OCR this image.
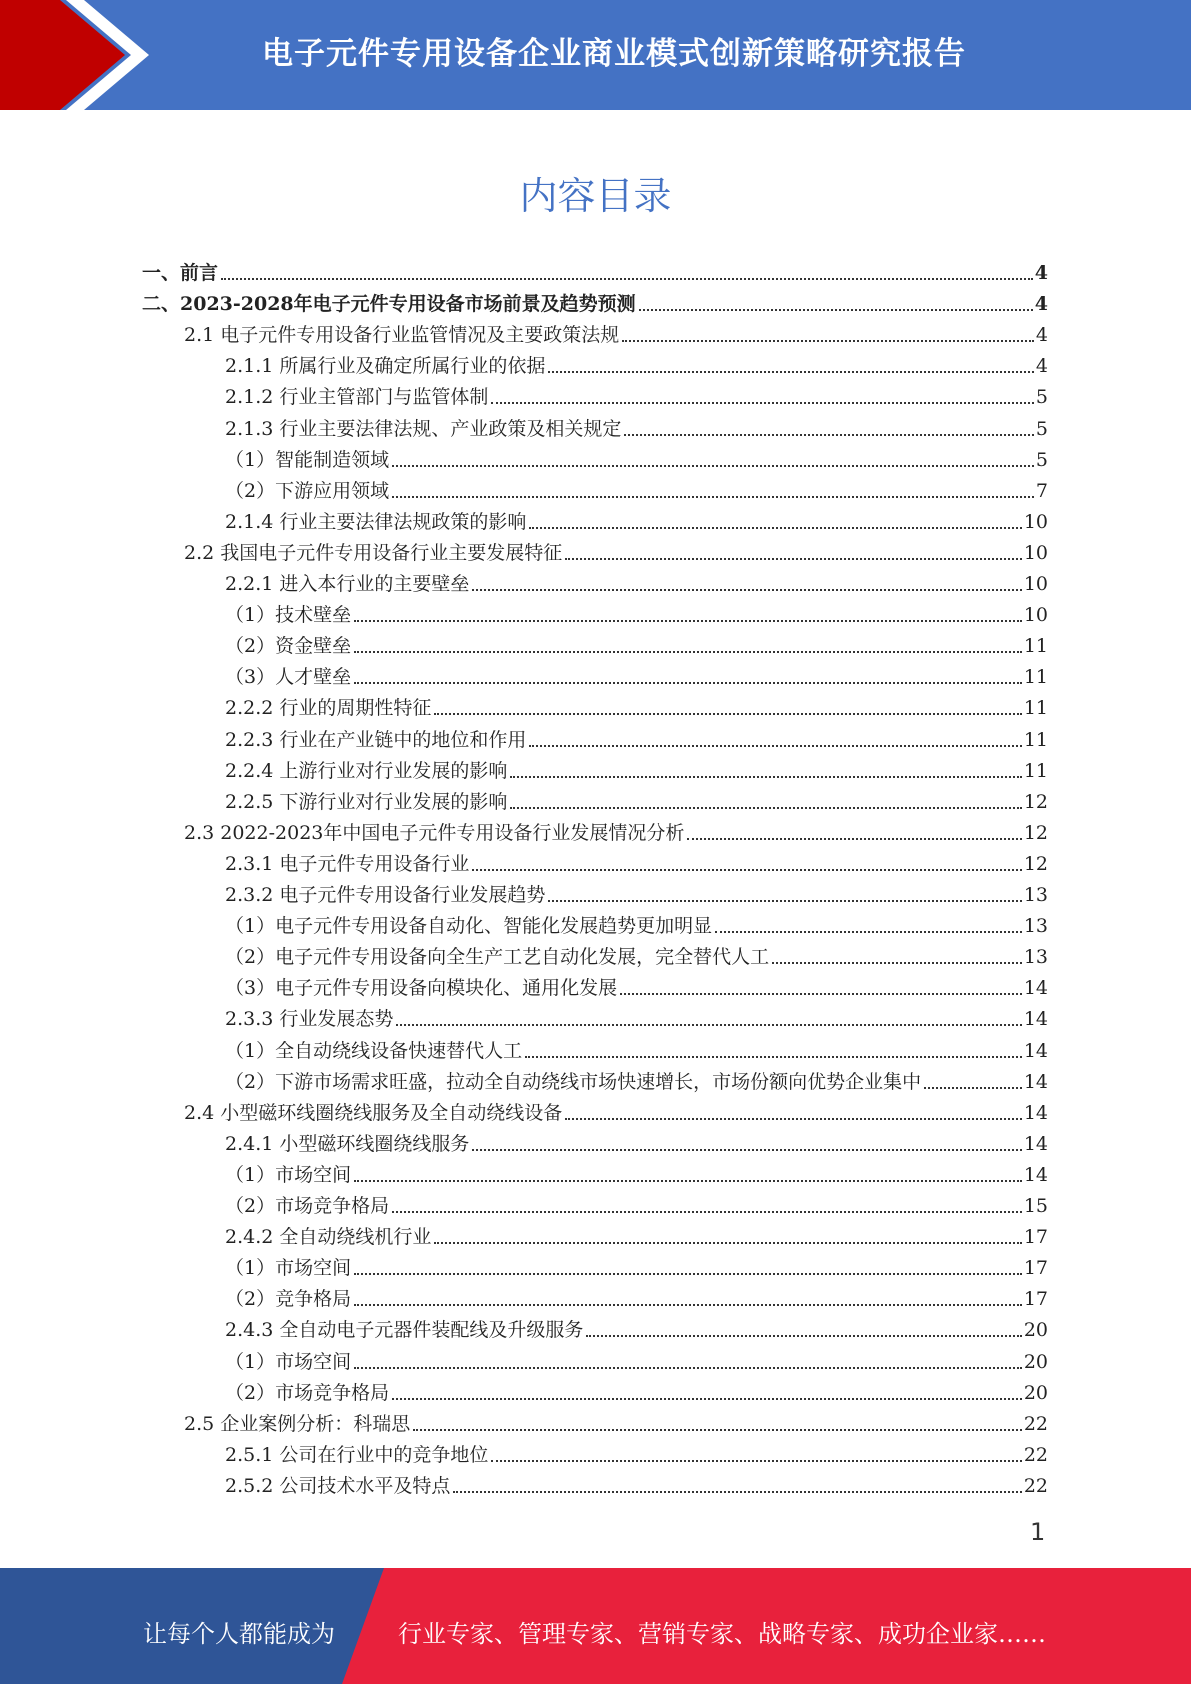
电子元件专用设备企业商业模式创新策略研究报告
内容目录
一、前言	4
二、2023-2028年电子元件专用设备市场前景及趋势预测	4
2.1 电子元件专用设备行业监管情况及主要政策法规	4
2.1.1 所属行业及确定所属行业的依据	4
2.1.2 行业主管部门与监管体制	5
2.1.3 行业主要法律法规、产业政策及相关规定	5
（1）智能制造领域	5
（2）下游应用领域	7
2.1.4 行业主要法律法规政策的影响	10
2.2 我国电子元件专用设备行业主要发展特征	10
2.2.1 进入本行业的主要壁垒	10
（1）技术壁垒	10
（2）资金壁垒	11
（3）人才壁垒	11
2.2.2 行业的周期性特征	11
2.2.3 行业在产业链中的地位和作用	11
2.2.4 上游行业对行业发展的影响	11
2.2.5 下游行业对行业发展的影响	12
2.3 2022-2023年中国电子元件专用设备行业发展情况分析	12
2.3.1 电子元件专用设备行业	12
2.3.2 电子元件专用设备行业发展趋势	13
（1）电子元件专用设备自动化、智能化发展趋势更加明显	13
（2）电子元件专用设备向全生产工艺自动化发展，完全替代人工	13
（3）电子元件专用设备向模块化、通用化发展	14
2.3.3 行业发展态势	14
（1）全自动绕线设备快速替代人工	14
（2）下游市场需求旺盛，拉动全自动绕线市场快速增长，市场份额向优势企业集中	14
2.4 小型磁环线圈绕线服务及全自动绕线设备	14
2.4.1 小型磁环线圈绕线服务	14
（1）市场空间	14
（2）市场竞争格局	15
2.4.2 全自动绕线机行业	17
（1）市场空间	17
（2）竞争格局	17
2.4.3 全自动电子元器件装配线及升级服务	20
（1）市场空间	20
（2）市场竞争格局	20
2.5 企业案例分析：科瑞思	22
2.5.1 公司在行业中的竞争地位	22
2.5.2 公司技术水平及特点	22
1
让每个人都能成为	行业专家、管理专家、营销专家、战略专家、成功企业家……
